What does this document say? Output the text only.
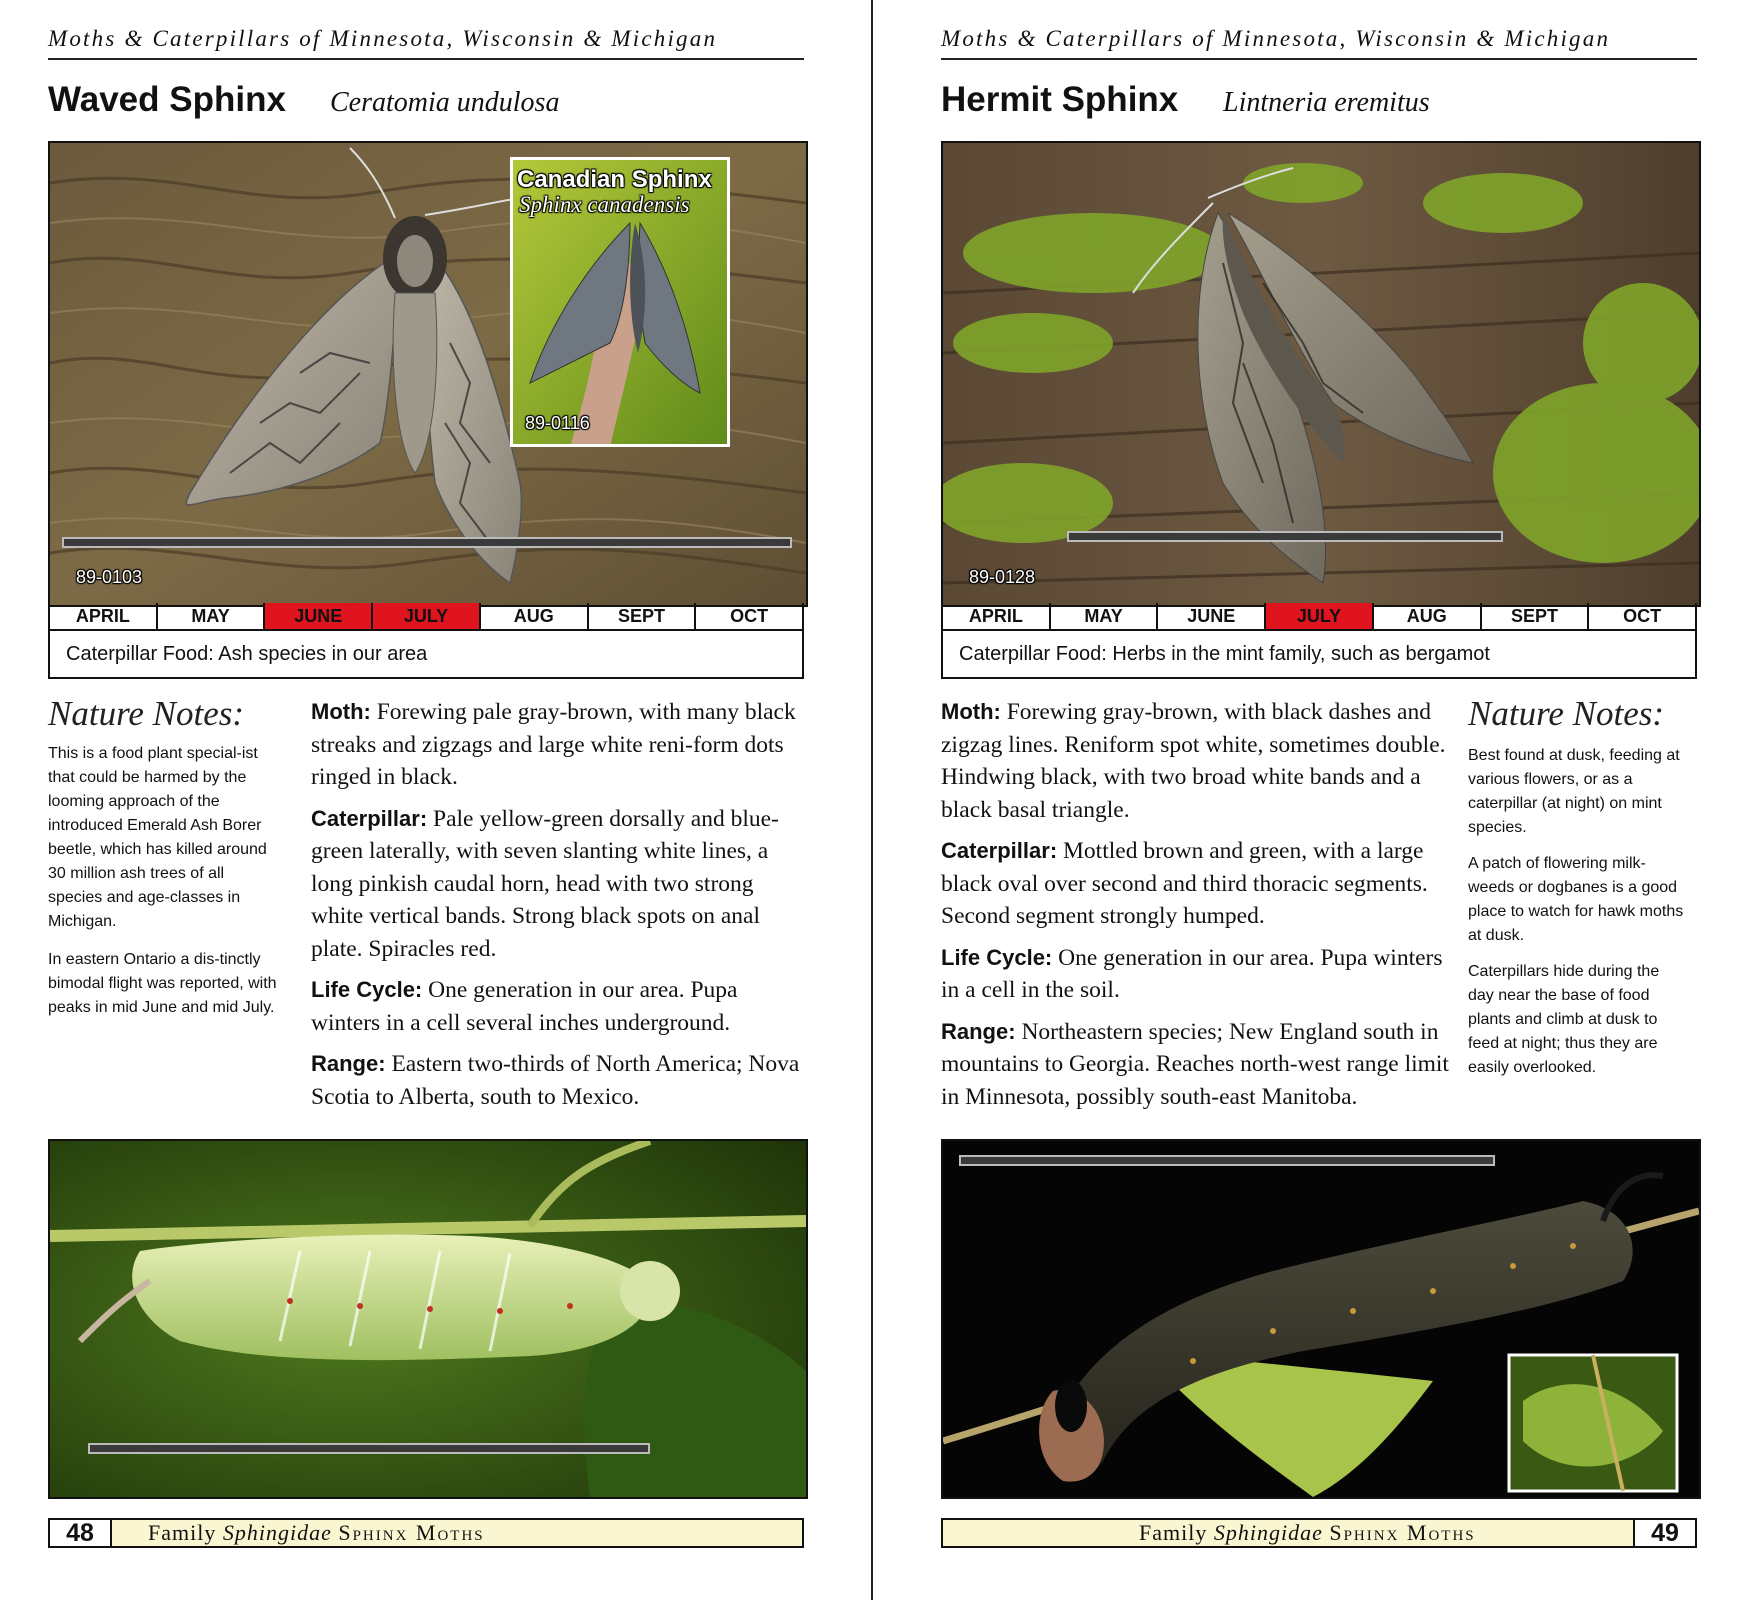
Moths & Caterpillars of Minnesota, Wisconsin & Michigan
Waved Sphinx Ceratomia undulosa
Canadian Sphinx
Sphinx canadensis
89-0116
89-0103
APRIL	MAY	JUNE	JULY	AUG	SEPT	OCT
Caterpillar Food: Ash species in our area
Nature Notes:
This is a food plant special-ist that could be harmed by the looming approach of the introduced Emerald Ash Borer beetle, which has killed around 30 million ash trees of all species and age-classes in Michigan.
In eastern Ontario a dis-tinctly bimodal flight was reported, with peaks in mid June and mid July.

Moth: Forewing pale gray-brown, with many black streaks and zigzags and large white reni-form dots ringed in black.

Caterpillar: Pale yellow-green dorsally and blue-green laterally, with seven slanting white lines, a long pinkish caudal horn, head with two strong white vertical bands. Strong black spots on anal plate. Spiracles red.

Life Cycle: One generation in our area. Pupa winters in a cell several inches underground.

Range: Eastern two-thirds of North America; Nova Scotia to Alberta, south to Mexico.

48	Family Sphingidae Sphinx Moths
Moths & Caterpillars of Minnesota, Wisconsin & Michigan
Hermit Sphinx Lintneria eremitus
89-0128
APRIL	MAY	JUNE	JULY	AUG	SEPT	OCT
Caterpillar Food: Herbs in the mint family, such as bergamot

Moth: Forewing gray-brown, with black dashes and zigzag lines. Reniform spot white, sometimes double. Hindwing black, with two broad white bands and a black basal triangle.

Caterpillar: Mottled brown and green, with a large black oval over second and third thoracic segments. Second segment strongly humped.

Life Cycle: One generation in our area. Pupa winters in a cell in the soil.

Range: Northeastern species; New England south in mountains to Georgia. Reaches north-west range limit in Minnesota, possibly south-east Manitoba.

Nature Notes:
Best found at dusk, feeding at various flowers, or as a caterpillar (at night) on mint species.
A patch of flowering milk-weeds or dogbanes is a good place to watch for hawk moths at dusk.
Caterpillars hide during the day near the base of food plants and climb at dusk to feed at night; thus they are easily overlooked.
Family Sphingidae Sphinx Moths	49
